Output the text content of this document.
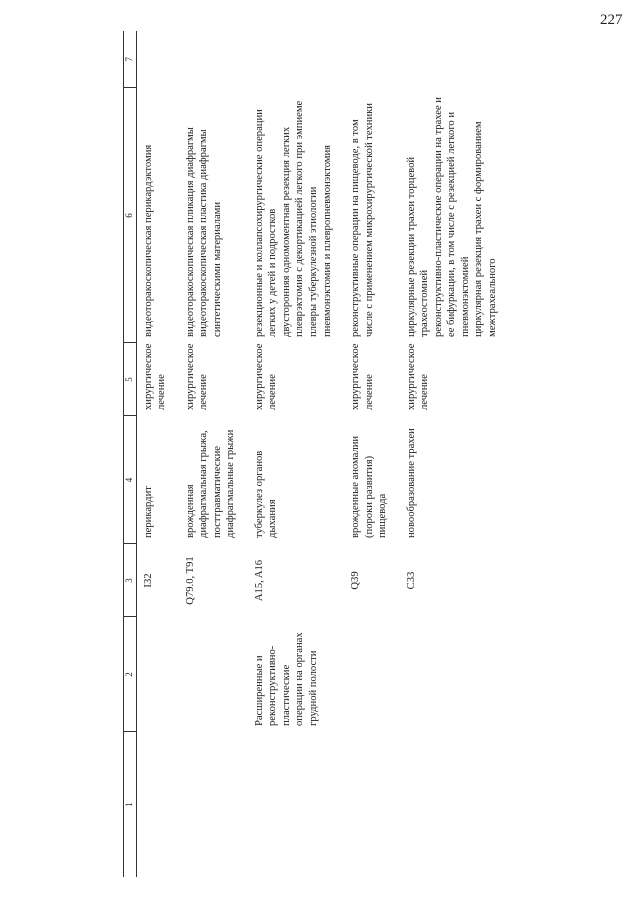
227
1	2	3	4	5	6	7
		I32	перикардит	хирургическое лечение	видеоторакоскопическая перикардэктомия	
		Q79.0, T91	врожденная диафрагмальная грыжа, посттравматические диафрагмальные грыжи	хирургическое лечение	видеоторакоскопическая пликация диафрагмы видеоторакоскопическая пластика диафрагмы синтетическими материалами	
	Расширенные и реконструктивно-пластические операции на органах грудной полости	A15, A16	туберкулез органов дыхания	хирургическое лечение	резекционные и коллапсохирургические операции легких у детей и подростков двусторонняя одномоментная резекция легких плеврэктомия с декортикацией легкого при эмпиеме плевры туберкулезной этиологии пневмонэктомия и плевропневмонэктомия	
		Q39	врожденные аномалии (пороки развития) пищевода	хирургическое лечение	реконструктивные операции на пищеводе, в том числе с применением микрохирургической техники	
		C33	новообразование трахеи	хирургическое лечение	циркулярные резекции трахеи торцевой трахеостомией реконструктивно-пластические операции на трахее и ее бифуркации, в том числе с резекцией легкого и пневмонэктомией циркулярная резекция трахеи с формированием межтрахеального	
